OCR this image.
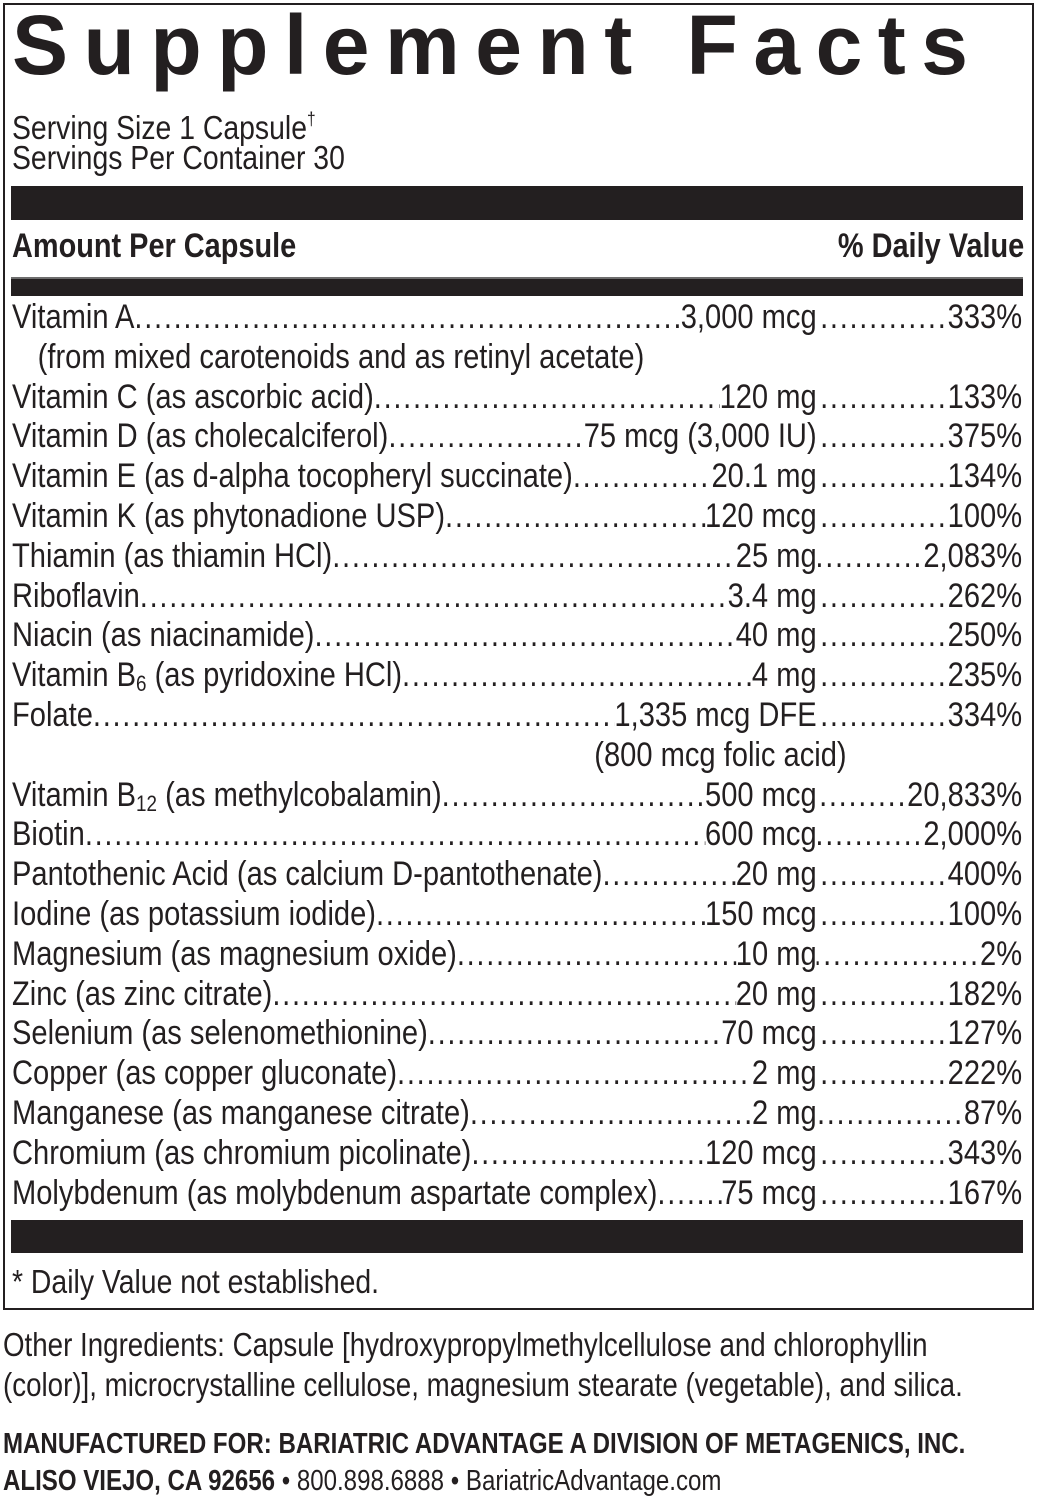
Supplement Facts
Serving Size 1 Capsule†
Servings Per Container 30
Amount Per Capsule	% Daily Value
Vitamin A .....	3,000 mcg .....	333%
(from mixed carotenoids and as retinyl acetate)
Vitamin C (as ascorbic acid) .....	120 mg .....	133%
Vitamin D (as cholecalciferol) .....	75 mcg (3,000 IU) .....	375%
Vitamin E (as d-alpha tocopheryl succinate) .....	20.1 mg .....	134%
Vitamin K (as phytonadione USP) .....	120 mcg .....	100%
Thiamin (as thiamin HCl) .....	25 mg .....	2,083%
Riboflavin .....	3.4 mg .....	262%
Niacin (as niacinamide) .....	40 mg .....	250%
Vitamin $B_6$ (as pyridoxine HCl) .....	4 mg .....	235%
Folate .....	1,335 mcg DFE .....	334%
(800 mcg folic acid)
Vitamin $B_{12}$ (as methylcobalamin) .....	500 mcg .....	20,833%
Biotin .....	600 mcg .....	2,000%
Pantothenic Acid (as calcium D-pantothenate) .....	20 mg .....	400%
Iodine (as potassium iodide) .....	150 mcg .....	100%
Magnesium (as magnesium oxide) .....	10 mg .....	2%
Zinc (as zinc citrate) .....	20 mg .....	182%
Selenium (as selenomethionine) .....	70 mcg .....	127%
Copper (as copper gluconate) .....	2 mg .....	222%
Manganese (as manganese citrate) .....	2 mg .....	87%
Chromium (as chromium picolinate) .....	120 mcg .....	343%
Molybdenum (as molybdenum aspartate complex) ..... 75 mcg .....	167%
* Daily Value not established.
Other Ingredients: Capsule [hydroxypropylmethylcellulose and chlorophyllin (color)], microcrystalline cellulose, magnesium stearate (vegetable), and silica.
MANUFACTURED FOR: BARIATRIC ADVANTAGE A DIVISION OF METAGENICS, INC.
ALISO VIEJO, CA 92656 • 800.898.6888 • BariatricAdvantage.com
